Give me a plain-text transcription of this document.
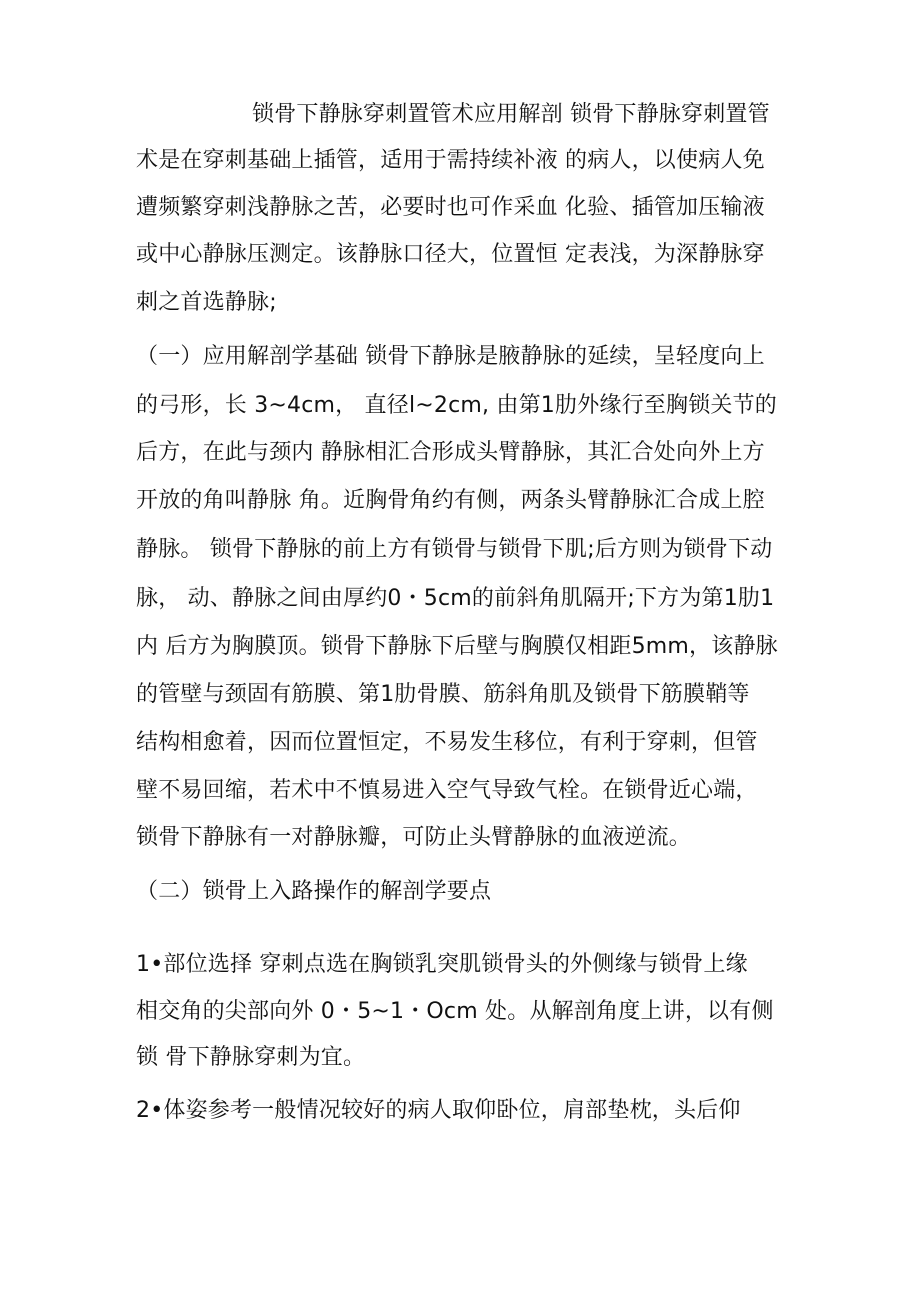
锁骨下静脉穿刺置管术应用解剖 锁骨下静脉穿刺置管
术是在穿刺基础上插管，适用于需持续补液 的病人，以使病人免
遭频繁穿刺浅静脉之苦，必要时也可作采血 化验、插管加压输液
或中心静脉压测定。该静脉口径大，位置恒 定表浅，为深静脉穿
刺之首选静脉;
（一）应用解剖学基础 锁骨下静脉是腋静脉的延续，呈轻度向上
的弓形，长 3~4cm， 直径l~2cm, 由第1肋外缘行至胸锁关节的
后方，在此与颈内 静脉相汇合形成头臂静脉，其汇合处向外上方
开放的角叫静脉 角。近胸骨角约有侧，两条头臂静脉汇合成上腔
静脉。 锁骨下静脉的前上方有锁骨与锁骨下肌;后方则为锁骨下动
脉， 动、静脉之间由厚约0・5cm的前斜角肌隔开;下方为第1肋1
内 后方为胸膜顶。锁骨下静脉下后壁与胸膜仅相距5mm，该静脉
的管壁与颈固有筋膜、第1肋骨膜、筋斜角肌及锁骨下筋膜鞘等
结构相愈着，因而位置恒定，不易发生移位，有利于穿刺，但管
壁不易回缩，若术中不慎易进入空气导致气栓。在锁骨近心端，
锁骨下静脉有一对静脉瓣，可防止头臂静脉的血液逆流。
（二）锁骨上入路操作的解剖学要点
1•部位选择 穿刺点选在胸锁乳突肌锁骨头的外侧缘与锁骨上缘
相交角的尖部向外 0・5~1・Ocm 处。从解剖角度上讲，以有侧
锁 骨下静脉穿刺为宜。
2•体姿参考一般情况较好的病人取仰卧位，肩部垫枕，头后仰
